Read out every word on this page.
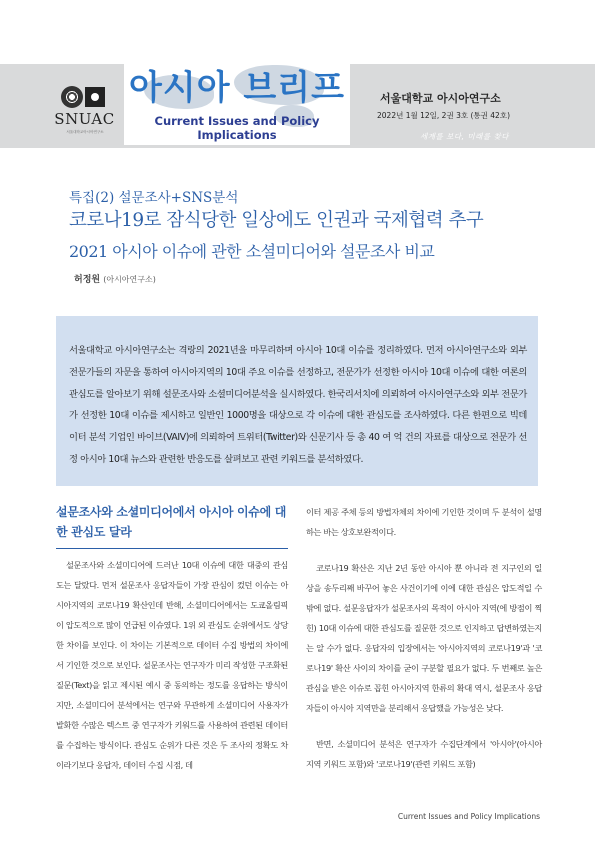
SNUAC
서울대학교아시아연구소
아시아 브리프
Current Issues and Policy Implications
서울대학교 아시아연구소
2022년 1월 12일, 2권 3호 (통권 42호)
세계를 보다, 미래를 찾다
특집(2) 설문조사+SNS분석
코로나19로 잠식당한 일상에도 인권과 국제협력 추구
2021 아시아 이슈에 관한 소셜미디어와 설문조사 비교
허정원 (아시아연구소)
서울대학교 아시아연구소는 격랑의 2021년을 마무리하며 아시아 10대 이슈를 정리하였다. 먼저 아시아연구소와 외부 전문가들의 자문을 통하여 아시아지역의 10대 주요 이슈를 선정하고, 전문가가 선정한 아시아 10대 이슈에 대한 여론의 관심도를 알아보기 위해 설문조사와 소셜미디어분석을 실시하였다. 한국리서치에 의뢰하여 아시아연구소와 외부 전문가가 선정한 10대 이슈를 제시하고 일반인 1000명을 대상으로 각 이슈에 대한 관심도를 조사하였다. 다른 한편으로 빅데이터 분석 기업인 바이브(VAIV)에 의뢰하여 트위터(Twitter)와 신문기사 등 총 40 여 억 건의 자료를 대상으로 전문가 선정 아시아 10대 뉴스와 관련한 반응도를 살펴보고 관련 키워드를 분석하였다.
설문조사와 소셜미디어에서 아시아 이슈에 대한 관심도 달라

설문조사와 소셜미디어에 드러난 10대 이슈에 대한 대중의 관심도는 달랐다. 먼저 설문조사 응답자들이 가장 관심이 컸던 이슈는 아시아지역의 코로나19 확산인데 반해, 소셜미디어에서는 도쿄올림픽이 압도적으로 많이 언급된 이슈였다. 1위 외 관심도 순위에서도 상당한 차이를 보인다. 이 차이는 기본적으로 데이터 수집 방법의 차이에서 기인한 것으로 보인다. 설문조사는 연구자가 미리 작성한 구조화된 질문(Text)을 읽고 제시된 예시 중 동의하는 정도를 응답하는 방식이지만, 소셜미디어 분석에서는 연구와 무관하게 소셜미디어 사용자가 발화한 수많은 텍스트 중 연구자가 키워드를 사용하여 관련된 데이터를 수집하는 방식이다. 관심도 순위가 다른 것은 두 조사의 정확도 차이라기보다 응답자, 데이터 수집 시점, 데

이터 제공 주체 등의 방법자체의 차이에 기인한 것이며 두 분석이 설명하는 바는 상호보완적이다.

코로나19 확산은 지난 2년 동안 아시아 뿐 아니라 전 지구인의 일상을 송두리째 바꾸어 놓은 사건이기에 이에 대한 관심은 압도적일 수 밖에 없다. 설문응답자가 설문조사의 목적이 아시아 지역(에 방점이 찍힌) 10대 이슈에 대한 관심도를 질문한 것으로 인지하고 답변하였는지는 알 수가 없다. 응답자의 입장에서는 '아시아지역의 코로나19'과 '코로나19' 확산 사이의 차이를 굳이 구분할 필요가 없다. 두 번째로 높은 관심을 받은 이슈로 꼽힌 아시아지역 한류의 확대 역시, 설문조사 응답자들이 아시아 지역만을 분리해서 응답했을 가능성은 낮다.

반면, 소셜미디어 분석은 연구자가 수집단계에서 '아시아'(아시아 지역 키워드 포함)와 '코로나19'(관련 키워드 포함)

Current Issues and Policy Implications
